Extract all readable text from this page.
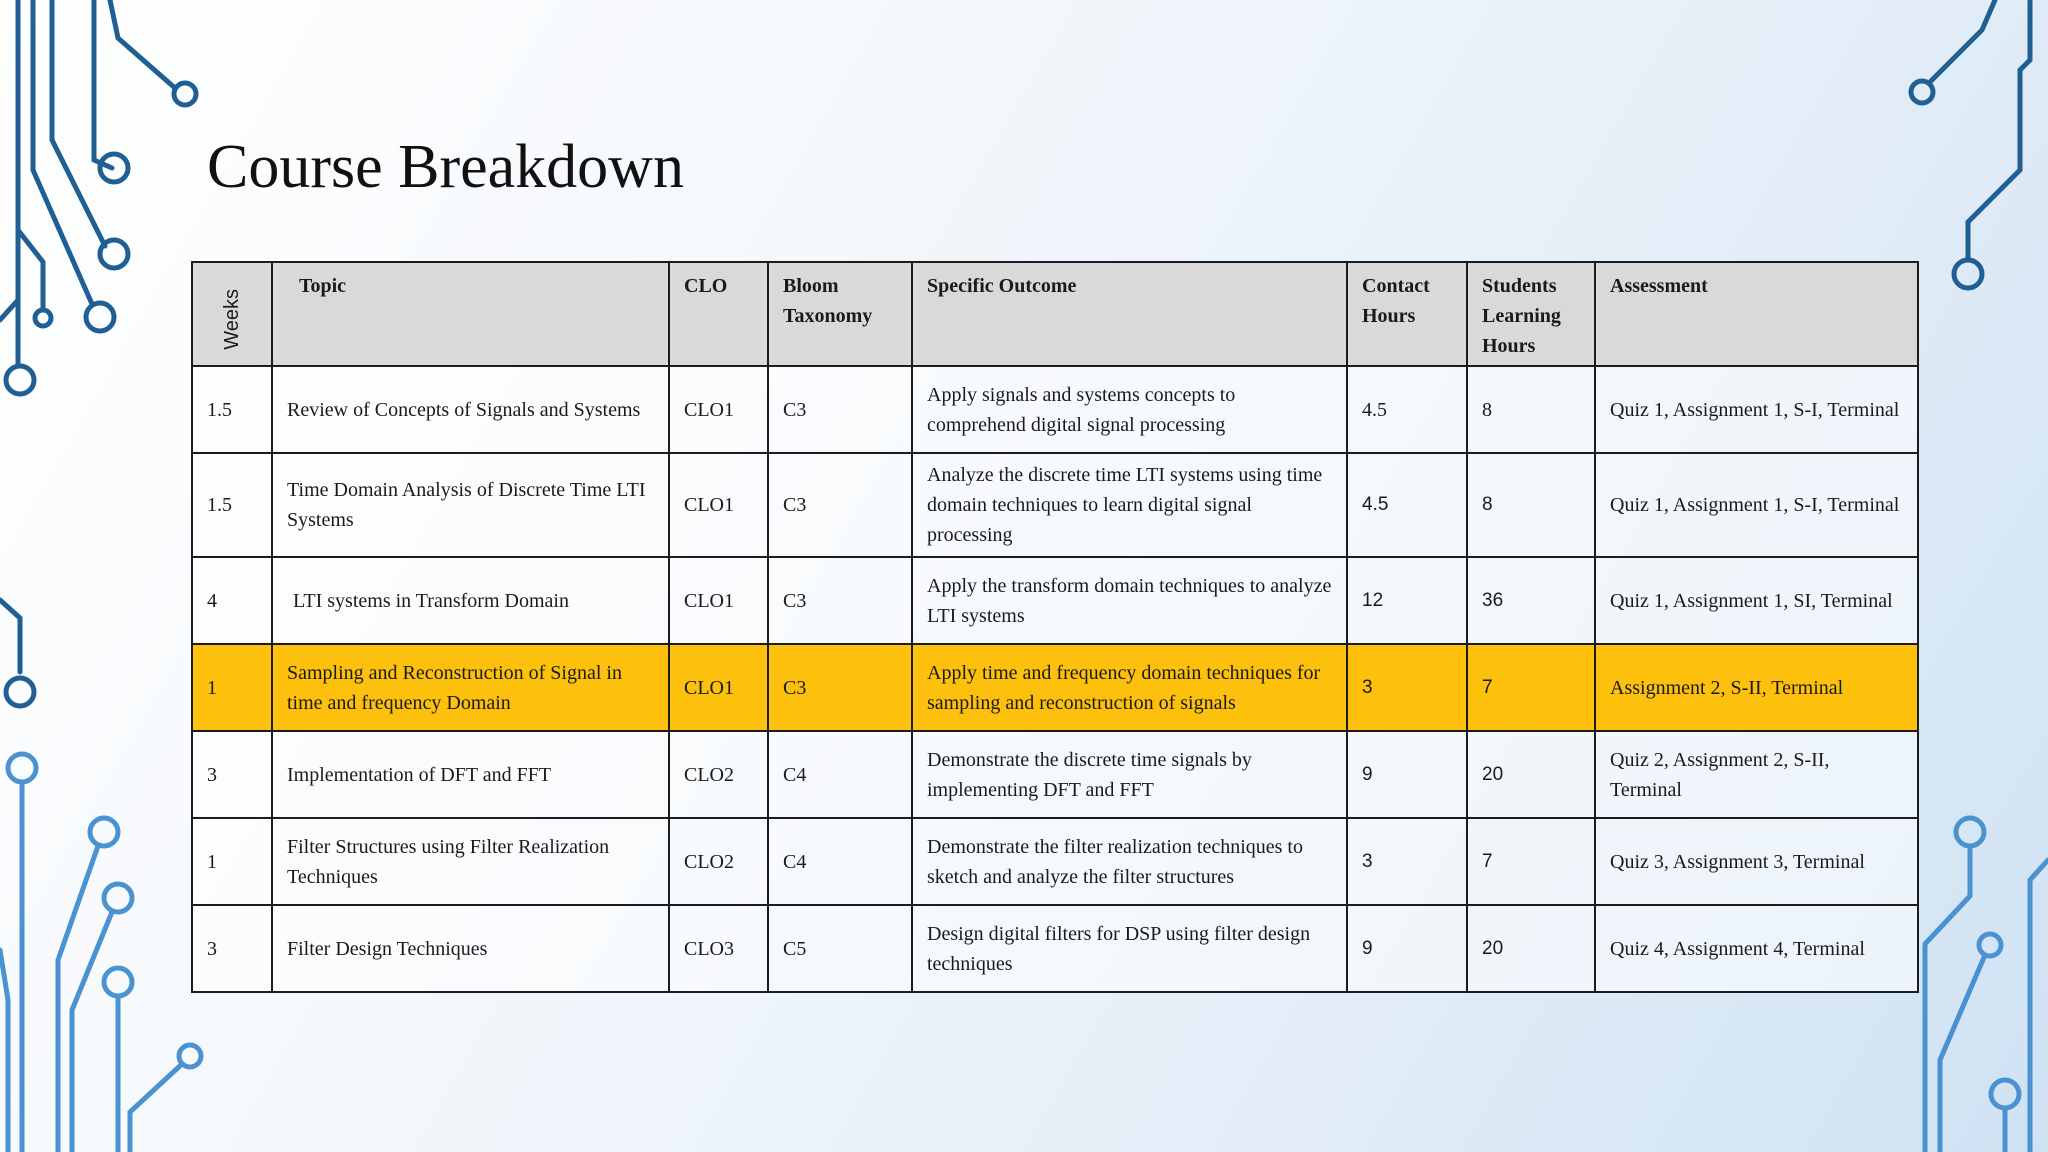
Course Breakdown
Weeks	Topic	CLO	Bloom Taxonomy	Specific Outcome	Contact Hours	Students Learning Hours	Assessment
1.5	Review of Concepts of Signals and Systems	CLO1	C3	Apply signals and systems concepts to comprehend digital signal processing	4.5	8	Quiz 1, Assignment 1, S-I, Terminal
1.5	Time Domain Analysis of Discrete Time LTI Systems	CLO1	C3	Analyze the discrete time LTI systems using time domain techniques to learn digital signal processing	4.5	8	Quiz 1, Assignment 1, S-I, Terminal
4	LTI systems in Transform Domain	CLO1	C3	Apply the transform domain techniques to analyze LTI systems	12	36	Quiz 1, Assignment 1, SI, Terminal
1	Sampling and Reconstruction of Signal in time and frequency Domain	CLO1	C3	Apply time and frequency domain techniques for sampling and reconstruction of signals	3	7	Assignment 2, S-II, Terminal
3	Implementation of DFT and FFT	CLO2	C4	Demonstrate the discrete time signals by implementing DFT and FFT	9	20	Quiz 2, Assignment 2, S-II, Terminal
1	Filter Structures using Filter Realization Techniques	CLO2	C4	Demonstrate the filter realization techniques to sketch and analyze the filter structures	3	7	Quiz 3, Assignment 3, Terminal
3	Filter Design Techniques	CLO3	C5	Design digital filters for DSP using filter design techniques	9	20	Quiz 4, Assignment 4, Terminal
